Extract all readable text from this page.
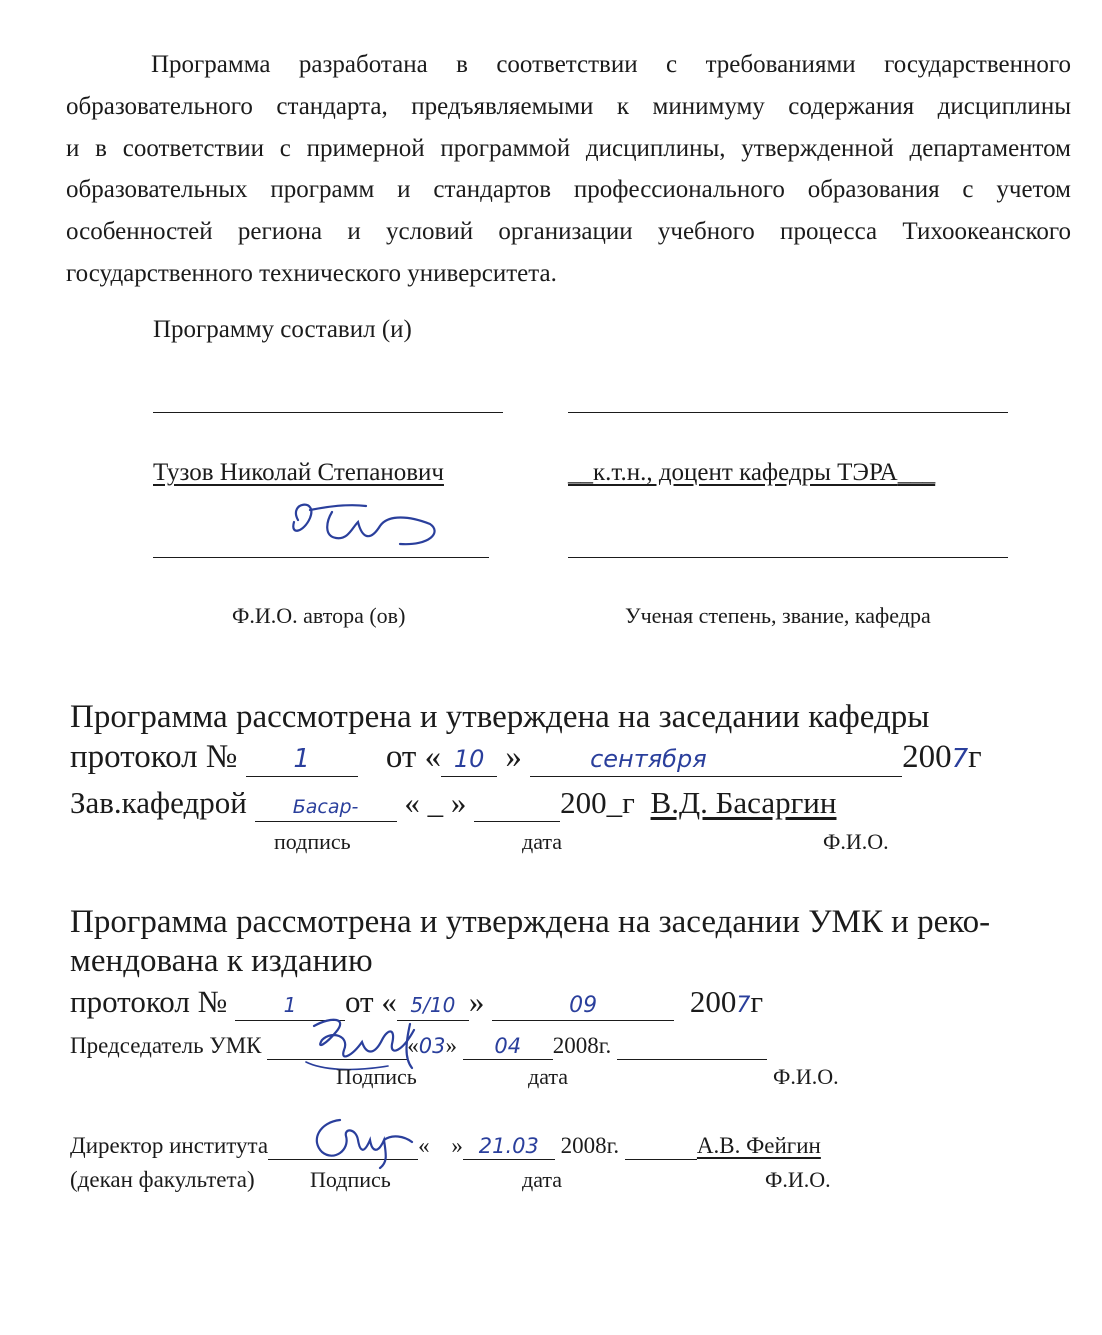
Программа разработана в соответствии с требованиями государственного
образовательного стандарта, предъявляемыми к минимуму содержания дисциплины
и в соответствии с примерной программой дисциплины, утвержденной департаментом
образовательных программ и стандартов профессионального образования с учетом
особенностей региона и условий организации учебного процесса Тихоокеанского
государственного технического университета.

Программу составил (и)
Тузов Николай Степанович	__к.т.н., доцент кафедры ТЭРА___
Ф.И.О. автора (ов)	Ученая степень, звание, кафедра
Программа рассмотрена и утверждена на заседании кафедры
протокол № 1 от « 10 »	сентября	2007г
Зав.кафедрой Басар- « _ »	200_г В.Д. Басаргин
подпись	дата	Ф.И.О.
Программа рассмотрена и утверждена на заседании УМК и реко-
мендована к изданию
протокол №	1 от « 5/10 »	09	2007г
Председатель УМК	«03» 04 2008г.
Подпись	дата	Ф.И.О.
Директор института	« » 21.03 2008г.	А.В. Фейгин
(декан факультета)	Подпись	дата	Ф.И.О.
